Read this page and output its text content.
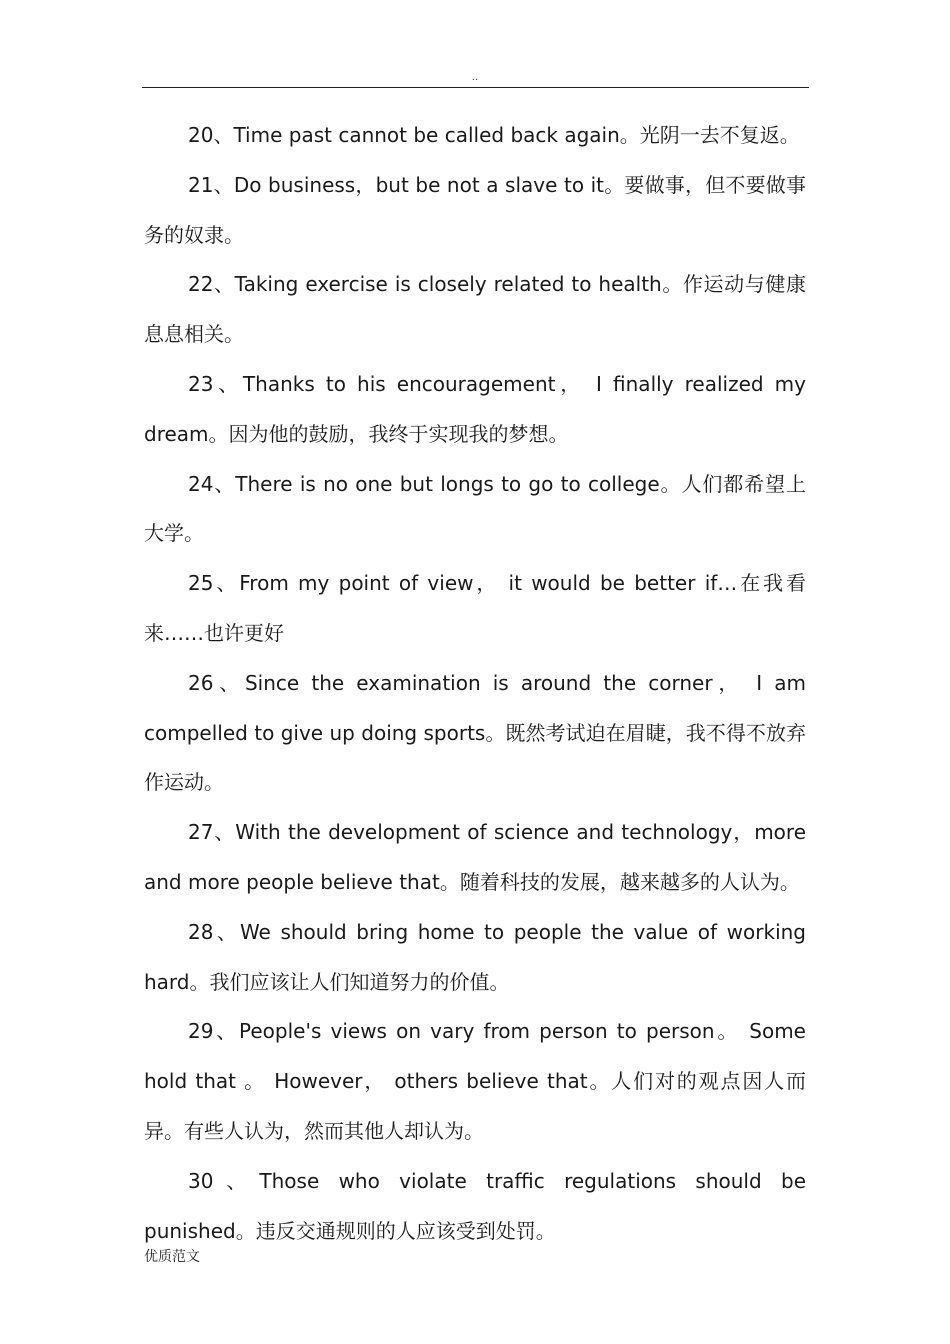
..

20、Time past cannot be called back again。光阴一去不复返。

21、Do business，but be not a slave to it。要做事，但不要做事务的奴隶。

22、Taking exercise is closely related to health。作运动与健康息息相关。

23、Thanks to his encouragement， I finally realized my dream。因为他的鼓励，我终于实现我的梦想。

24、There is no one but longs to go to college。人们都希望上大学。

25、From my point of view， it would be better if…在我看来……也许更好

26、Since the examination is around the corner， I am compelled to give up doing sports。既然考试迫在眉睫，我不得不放弃作运动。

27、With the development of science and technology，more and more people believe that。随着科技的发展，越来越多的人认为。

28、We should bring home to people the value of working hard。我们应该让人们知道努力的价值。

29、People's views on vary from person to person。 Some hold that 。 However， others believe that。人们对的观点因人而异。有些人认为，然而其他人却认为。

30、Those who violate traffic regulations should be punished。违反交通规则的人应该受到处罚。

优质范文
